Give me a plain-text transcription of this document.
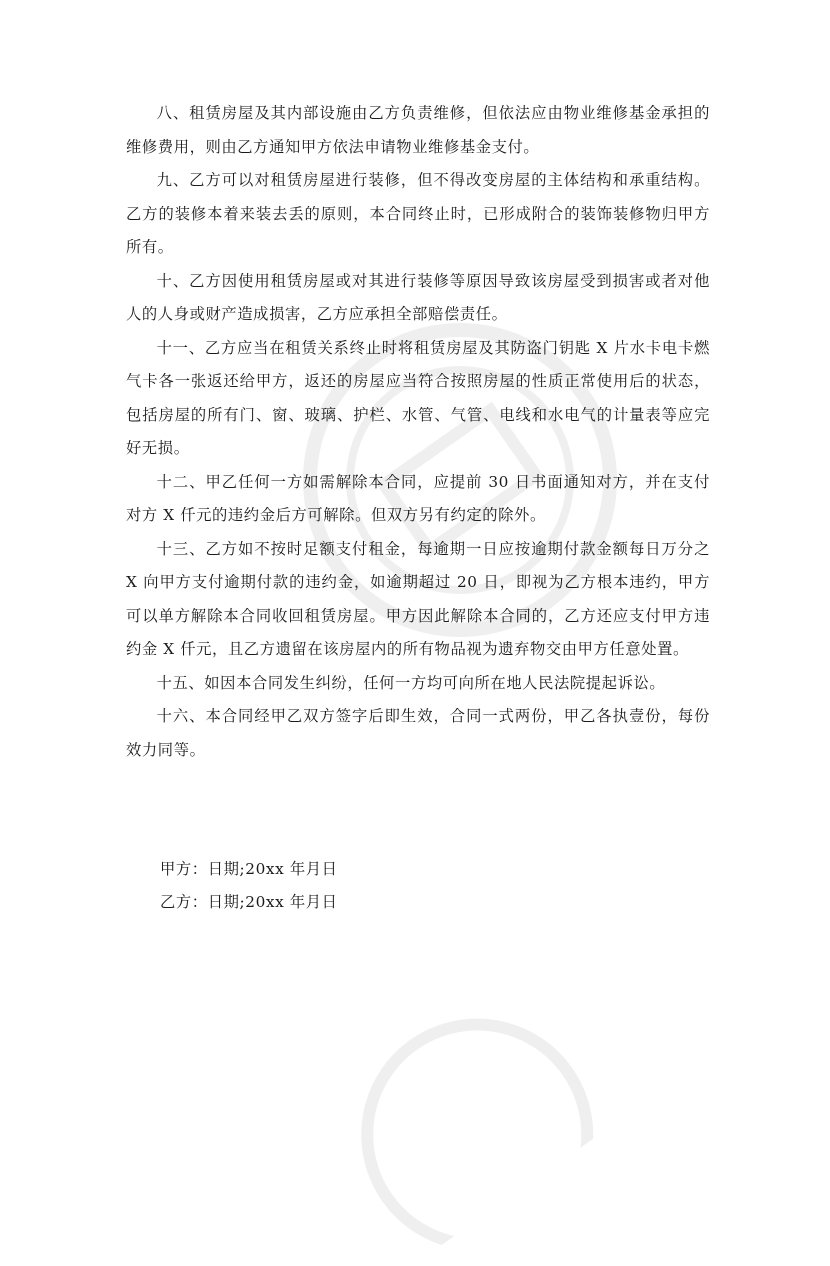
八、租赁房屋及其内部设施由乙方负责维修，但依法应由物业维修基金承担的维修费用，则由乙方通知甲方依法申请物业维修基金支付。

九、乙方可以对租赁房屋进行装修，但不得改变房屋的主体结构和承重结构。乙方的装修本着来装去丢的原则，本合同终止时，已形成附合的装饰装修物归甲方所有。

十、乙方因使用租赁房屋或对其进行装修等原因导致该房屋受到损害或者对他人的人身或财产造成损害，乙方应承担全部赔偿责任。

十一、乙方应当在租赁关系终止时将租赁房屋及其防盗门钥匙 X 片水卡电卡燃气卡各一张返还给甲方，返还的房屋应当符合按照房屋的性质正常使用后的状态，包括房屋的所有门、窗、玻璃、护栏、水管、气管、电线和水电气的计量表等应完好无损。

十二、甲乙任何一方如需解除本合同，应提前 30 日书面通知对方，并在支付对方 X 仟元的违约金后方可解除。但双方另有约定的除外。

十三、乙方如不按时足额支付租金，每逾期一日应按逾期付款金额每日万分之 X 向甲方支付逾期付款的违约金，如逾期超过 20 日，即视为乙方根本违约，甲方可以单方解除本合同收回租赁房屋。甲方因此解除本合同的，乙方还应支付甲方违约金 X 仟元，且乙方遗留在该房屋内的所有物品视为遗弃物交由甲方任意处置。

十五、如因本合同发生纠纷，任何一方均可向所在地人民法院提起诉讼。

十六、本合同经甲乙双方签字后即生效，合同一式两份，甲乙各执壹份，每份效力同等。

甲方：日期;20xx 年月日
乙方：日期;20xx 年月日
